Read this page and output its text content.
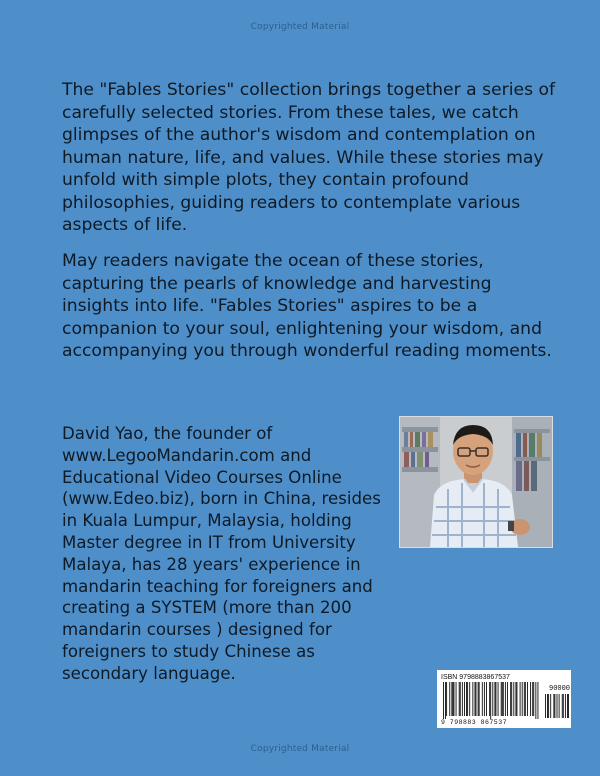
Copyrighted Material

The "Fables Stories" collection brings together a series of carefully selected stories. From these tales, we catch glimpses of the author's wisdom and contemplation on human nature, life, and values. While these stories may unfold with simple plots, they contain profound philosophies, guiding readers to contemplate various aspects of life.

May readers navigate the ocean of these stories, capturing the pearls of knowledge and harvesting insights into life. "Fables Stories" aspires to be a companion to your soul, enlightening your wisdom, and accompanying you through wonderful reading moments.

David Yao, the founder of www.LegooMandarin.com and Educational Video Courses Online (www.Edeo.biz), born in China, resides in Kuala Lumpur, Malaysia, holding Master degree in IT from University Malaya, has 28 years' experience in mandarin teaching for foreigners and creating a SYSTEM (more than 200 mandarin courses ) designed for foreigners to study Chinese as secondary language.	ISBN 9798883867537
90000
9 798883 867537
Copyrighted Material
